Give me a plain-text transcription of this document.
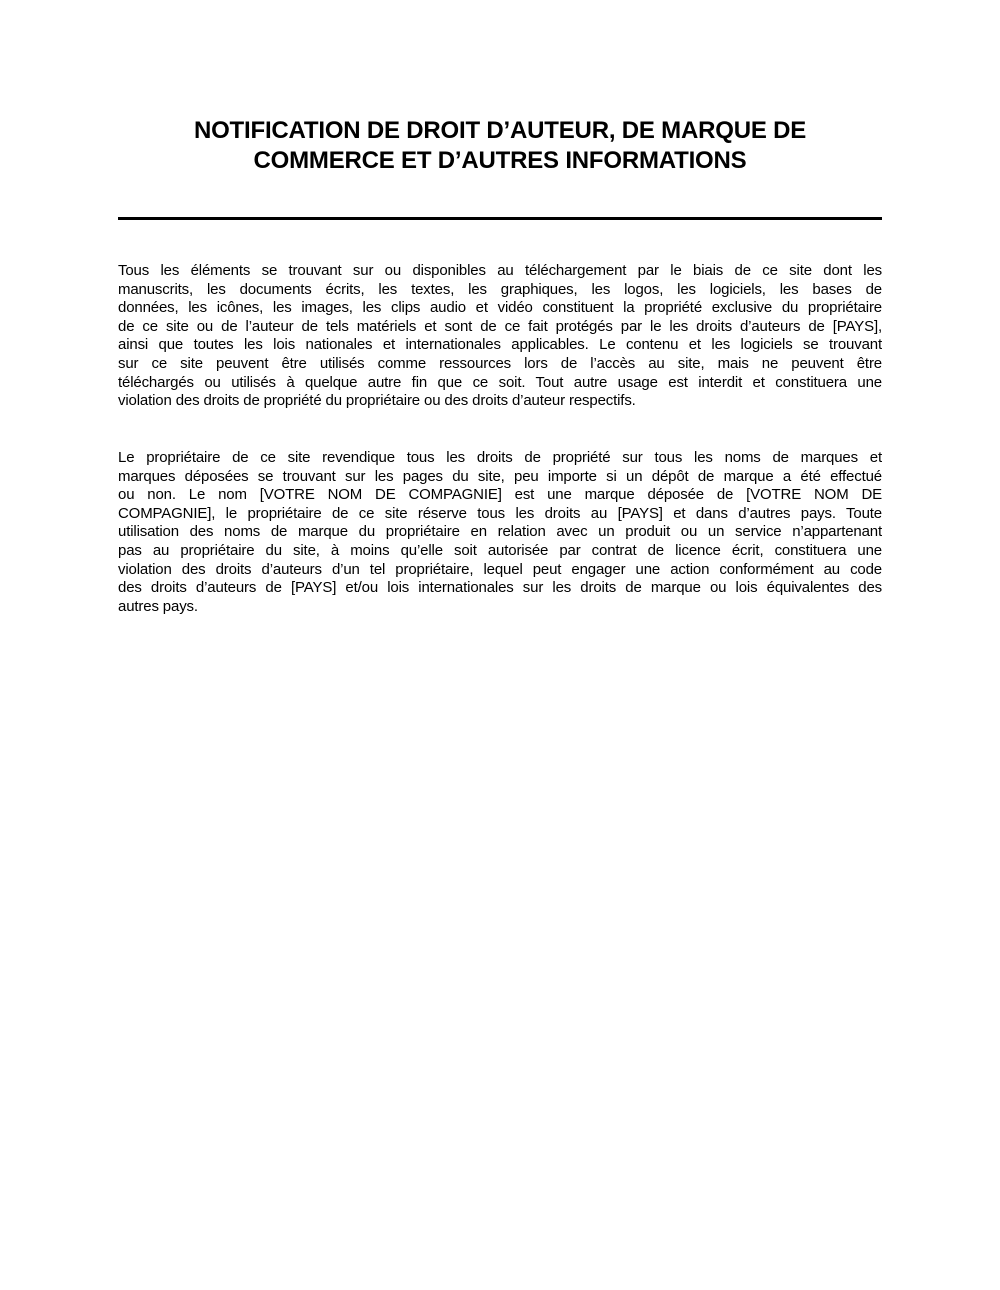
NOTIFICATION DE DROIT D’AUTEUR, DE MARQUE DE
COMMERCE ET D’AUTRES INFORMATIONS
Tous les éléments se trouvant sur ou disponibles au téléchargement par le biais de ce site dont les
manuscrits, les documents écrits, les textes, les graphiques, les logos, les logiciels, les bases de
données, les icônes, les images, les clips audio et vidéo constituent la propriété exclusive du propriétaire
de ce site ou de l’auteur de tels matériels et sont de ce fait protégés par le les droits d’auteurs de [PAYS],
ainsi que toutes les lois nationales et internationales applicables. Le contenu et les logiciels se trouvant
sur ce site peuvent être utilisés comme ressources lors de l’accès au site, mais ne peuvent être
téléchargés ou utilisés à quelque autre fin que ce soit. Tout autre usage est interdit et constituera une
violation des droits de propriété du propriétaire ou des droits d’auteur respectifs.
Le propriétaire de ce site revendique tous les droits de propriété sur tous les noms de marques et
marques déposées se trouvant sur les pages du site, peu importe si un dépôt de marque a été effectué
ou non. Le nom [VOTRE NOM DE COMPAGNIE] est une marque déposée de [VOTRE NOM DE
COMPAGNIE], le propriétaire de ce site réserve tous les droits au [PAYS] et dans d’autres pays. Toute
utilisation des noms de marque du propriétaire en relation avec un produit ou un service n’appartenant
pas au propriétaire du site, à moins qu’elle soit autorisée par contrat de licence écrit, constituera une
violation des droits d’auteurs d’un tel propriétaire, lequel peut engager une action conformément au code
des droits d’auteurs de [PAYS] et/ou lois internationales sur les droits de marque ou lois équivalentes des
autres pays.
